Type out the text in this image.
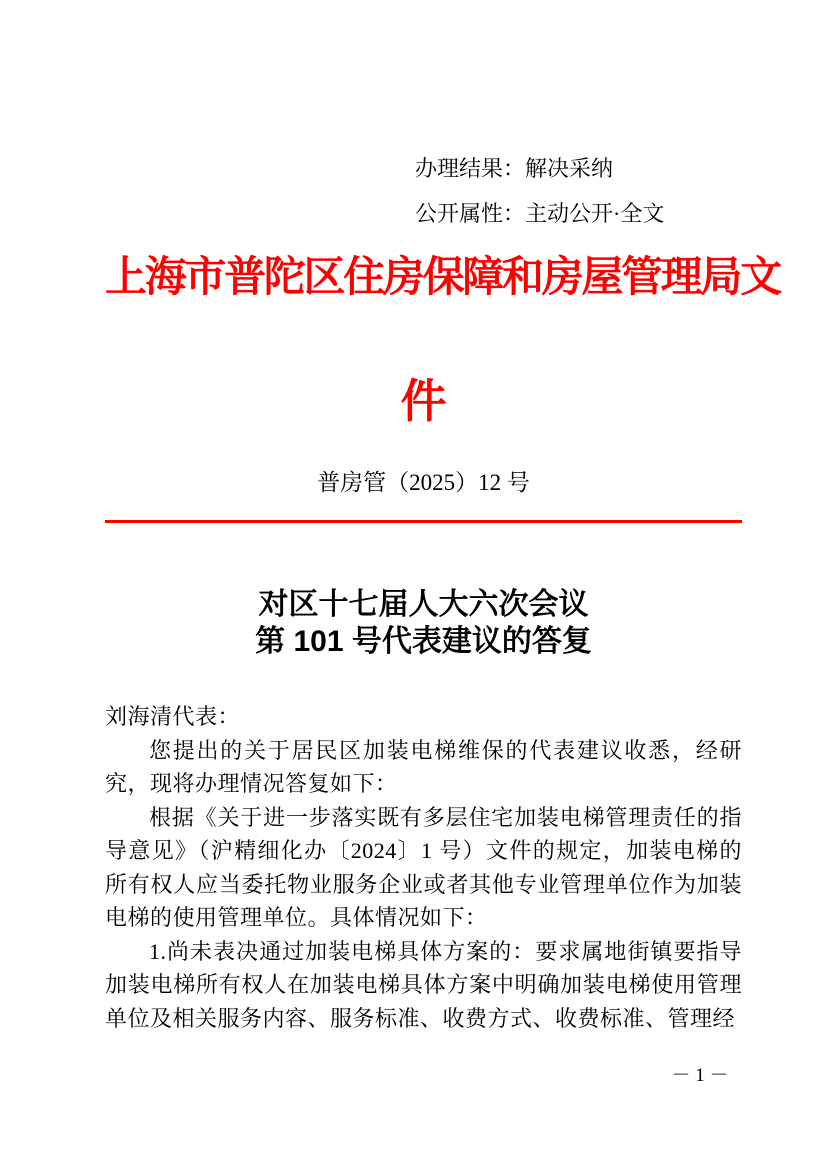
办理结果：解决采纳
公开属性：主动公开·全文
上海市普陀区住房保障和房屋管理局文
件
普房管（2025）12 号
对区十七届人大六次会议
第 101 号代表建议的答复

刘海清代表：

您提出的关于居民区加装电梯维保的代表建议收悉，经研究，现将办理情况答复如下：

根据《关于进一步落实既有多层住宅加装电梯管理责任的指导意见》（沪精细化办〔2024〕1 号）文件的规定，加装电梯的所有权人应当委托物业服务企业或者其他专业管理单位作为加装电梯的使用管理单位。具体情况如下：

1.尚未表决通过加装电梯具体方案的：要求属地街镇要指导加装电梯所有权人在加装电梯具体方案中明确加装电梯使用管理单位及相关服务内容、服务标准、收费方式、收费标准、管理经

－ 1 －
